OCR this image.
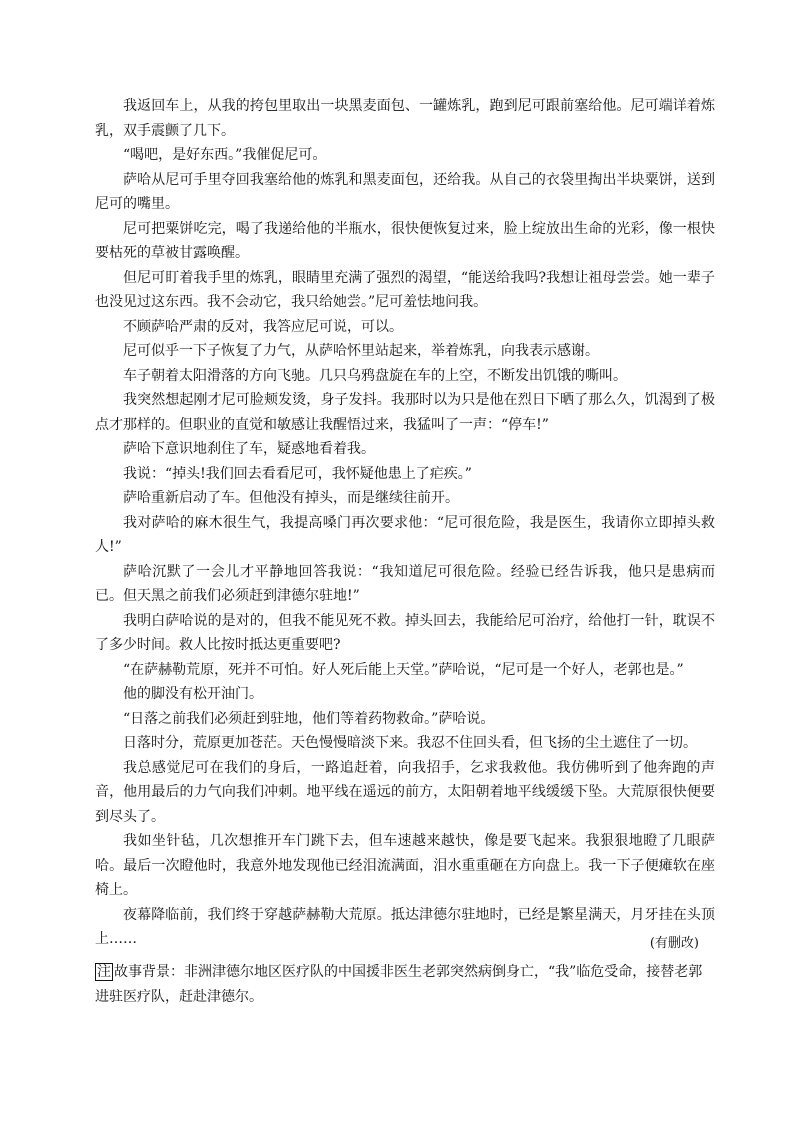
我返回车上，从我的挎包里取出一块黑麦面包、一罐炼乳，跑到尼可跟前塞给他。尼可端详着炼乳，双手震颤了几下。

“喝吧，是好东西。”我催促尼可。

萨哈从尼可手里夺回我塞给他的炼乳和黑麦面包，还给我。从自己的衣袋里掏出半块粟饼，送到尼可的嘴里。

尼可把粟饼吃完，喝了我递给他的半瓶水，很快便恢复过来，脸上绽放出生命的光彩，像一根快要枯死的草被甘露唤醒。

但尼可盯着我手里的炼乳，眼睛里充满了强烈的渴望，“能送给我吗?我想让祖母尝尝。她一辈子也没见过这东西。我不会动它，我只给她尝。”尼可羞怯地问我。

不顾萨哈严肃的反对，我答应尼可说，可以。

尼可似乎一下子恢复了力气，从萨哈怀里站起来，举着炼乳，向我表示感谢。

车子朝着太阳滑落的方向飞驰。几只乌鸦盘旋在车的上空，不断发出饥饿的嘶叫。

我突然想起刚才尼可脸颊发烫，身子发抖。我那时以为只是他在烈日下晒了那么久，饥渴到了极点才那样的。但职业的直觉和敏感让我醒悟过来，我猛叫了一声：“停车!”

萨哈下意识地刹住了车，疑惑地看着我。

我说：“掉头!我们回去看看尼可，我怀疑他患上了疟疾。”

萨哈重新启动了车。但他没有掉头，而是继续往前开。

我对萨哈的麻木很生气，我提高嗓门再次要求他：“尼可很危险，我是医生，我请你立即掉头救人!”

萨哈沉默了一会儿才平静地回答我说：“我知道尼可很危险。经验已经告诉我，他只是患病而已。但天黑之前我们必须赶到津德尔驻地!”

我明白萨哈说的是对的，但我不能见死不救。掉头回去，我能给尼可治疗，给他打一针，耽误不了多少时间。救人比按时抵达更重要吧?

“在萨赫勒荒原，死并不可怕。好人死后能上天堂。”萨哈说，“尼可是一个好人，老郭也是。”

他的脚没有松开油门。

“日落之前我们必须赶到驻地，他们等着药物救命。”萨哈说。

日落时分，荒原更加苍茫。天色慢慢暗淡下来。我忍不住回头看，但飞扬的尘土遮住了一切。

我总感觉尼可在我们的身后，一路追赶着，向我招手，乞求我救他。我仿佛听到了他奔跑的声音，他用最后的力气向我们冲刺。地平线在遥远的前方，太阳朝着地平线缓缓下坠。大荒原很快便要到尽头了。

我如坐针毡，几次想推开车门跳下去，但车速越来越快，像是要飞起来。我狠狠地瞪了几眼萨哈。最后一次瞪他时，我意外地发现他已经泪流满面，泪水重重砸在方向盘上。我一下子便瘫软在座椅上。

夜幕降临前，我们终于穿越萨赫勒大荒原。抵达津德尔驻地时，已经是繁星满天，月牙挂在头顶上……	(有删改)

注 故事背景：非洲津德尔地区医疗队的中国援非医生老郭突然病倒身亡，“我”临危受命，接替老郭进驻医疗队，赶赴津德尔。
